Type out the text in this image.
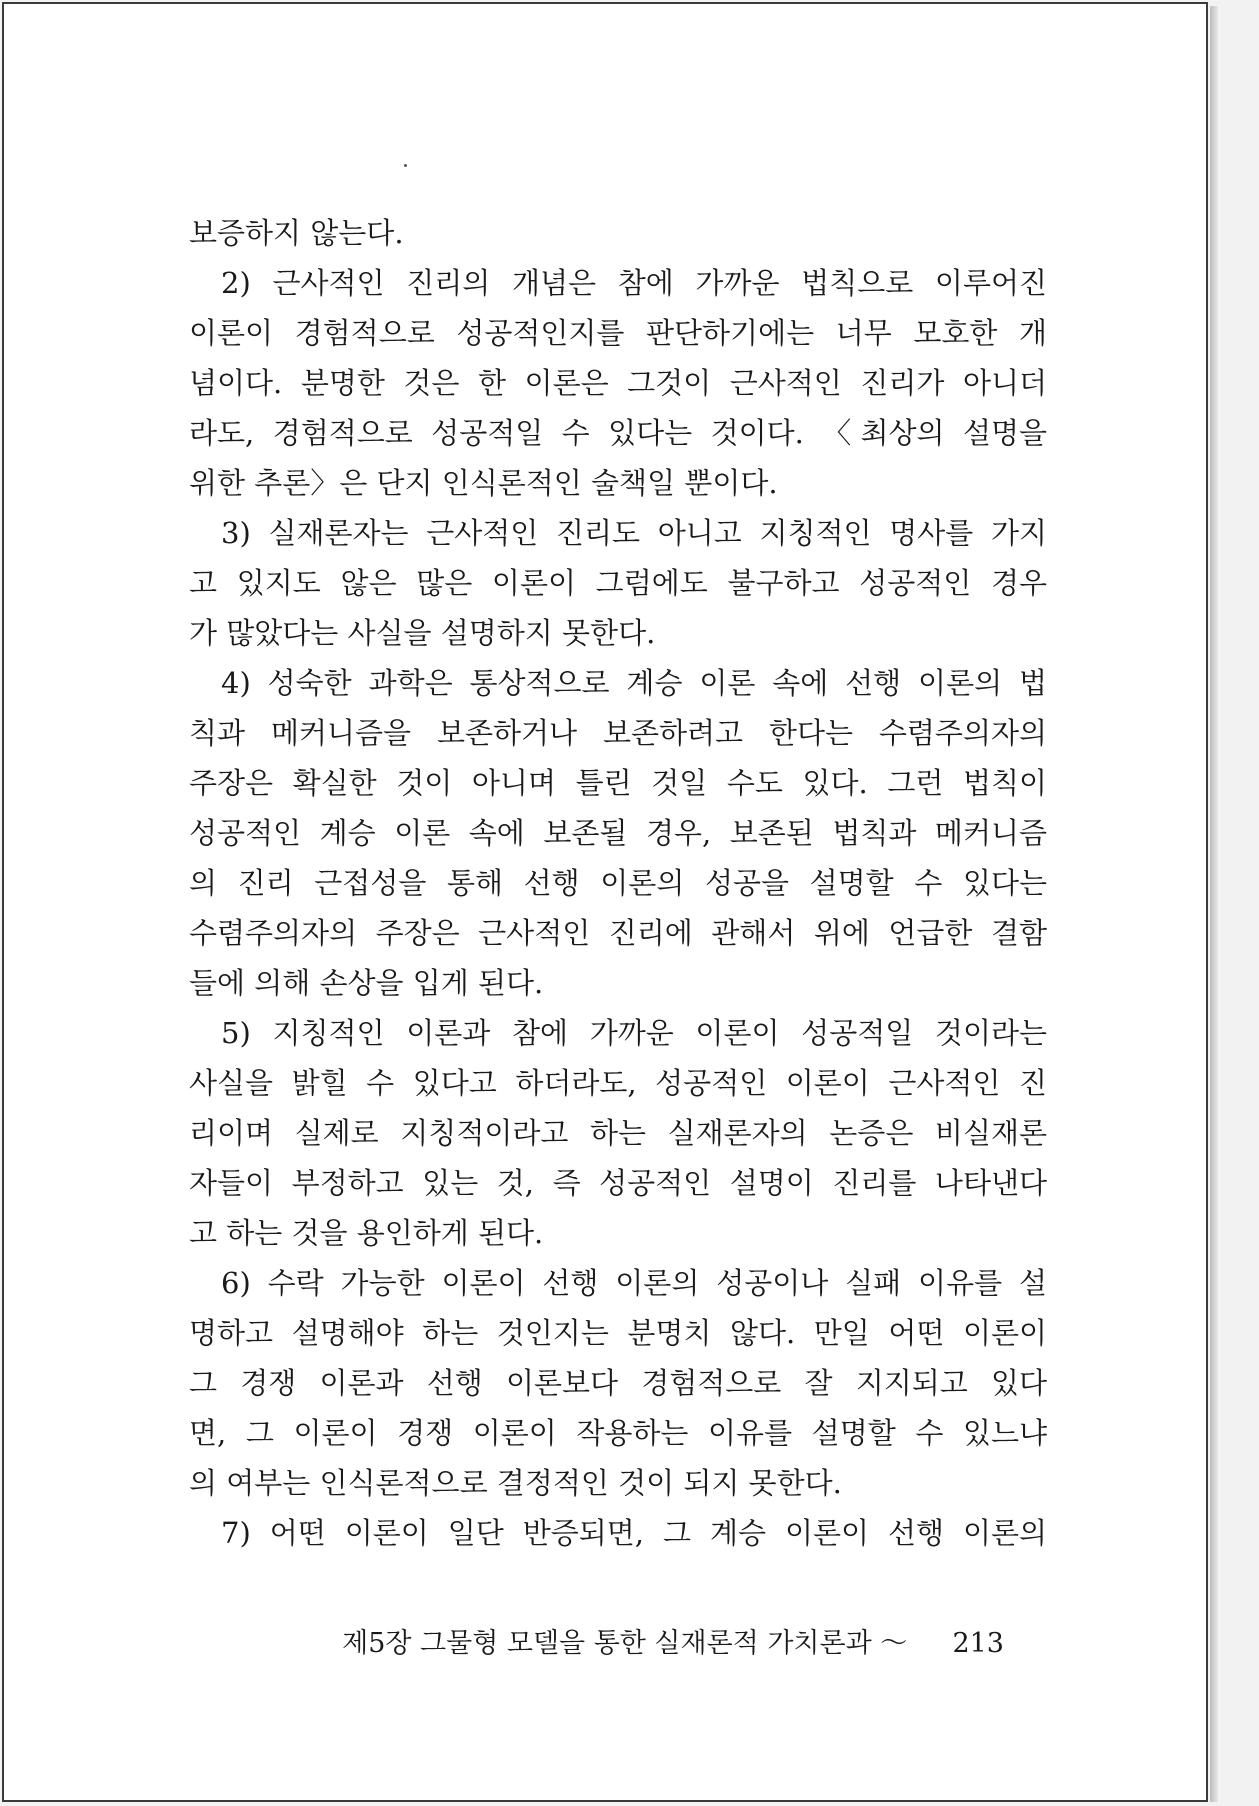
보증하지 않는다.
2) 근사적인 진리의 개념은 참에 가까운 법칙으로 이루어진
이론이 경험적으로 성공적인지를 판단하기에는 너무 모호한 개
념이다. 분명한 것은 한 이론은 그것이 근사적인 진리가 아니더
라도, 경험적으로 성공적일 수 있다는 것이다. 〈최상의 설명을
위한 추론〉은 단지 인식론적인 술책일 뿐이다.
3) 실재론자는 근사적인 진리도 아니고 지칭적인 명사를 가지
고 있지도 않은 많은 이론이 그럼에도 불구하고 성공적인 경우
가 많았다는 사실을 설명하지 못한다.
4) 성숙한 과학은 통상적으로 계승 이론 속에 선행 이론의 법
칙과 메커니즘을 보존하거나 보존하려고 한다는 수렴주의자의
주장은 확실한 것이 아니며 틀린 것일 수도 있다. 그런 법칙이
성공적인 계승 이론 속에 보존될 경우, 보존된 법칙과 메커니즘
의 진리 근접성을 통해 선행 이론의 성공을 설명할 수 있다는
수렴주의자의 주장은 근사적인 진리에 관해서 위에 언급한 결함
들에 의해 손상을 입게 된다.
5) 지칭적인 이론과 참에 가까운 이론이 성공적일 것이라는
사실을 밝힐 수 있다고 하더라도, 성공적인 이론이 근사적인 진
리이며 실제로 지칭적이라고 하는 실재론자의 논증은 비실재론
자들이 부정하고 있는 것, 즉 성공적인 설명이 진리를 나타낸다
고 하는 것을 용인하게 된다.
6) 수락 가능한 이론이 선행 이론의 성공이나 실패 이유를 설
명하고 설명해야 하는 것인지는 분명치 않다. 만일 어떤 이론이
그 경쟁 이론과 선행 이론보다 경험적으로 잘 지지되고 있다
면, 그 이론이 경쟁 이론이 작용하는 이유를 설명할 수 있느냐
의 여부는 인식론적으로 결정적인 것이 되지 못한다.
7) 어떤 이론이 일단 반증되면, 그 계승 이론이 선행 이론의
제5장 그물형 모델을 통한 실재론적 가치론과 ～ 213
